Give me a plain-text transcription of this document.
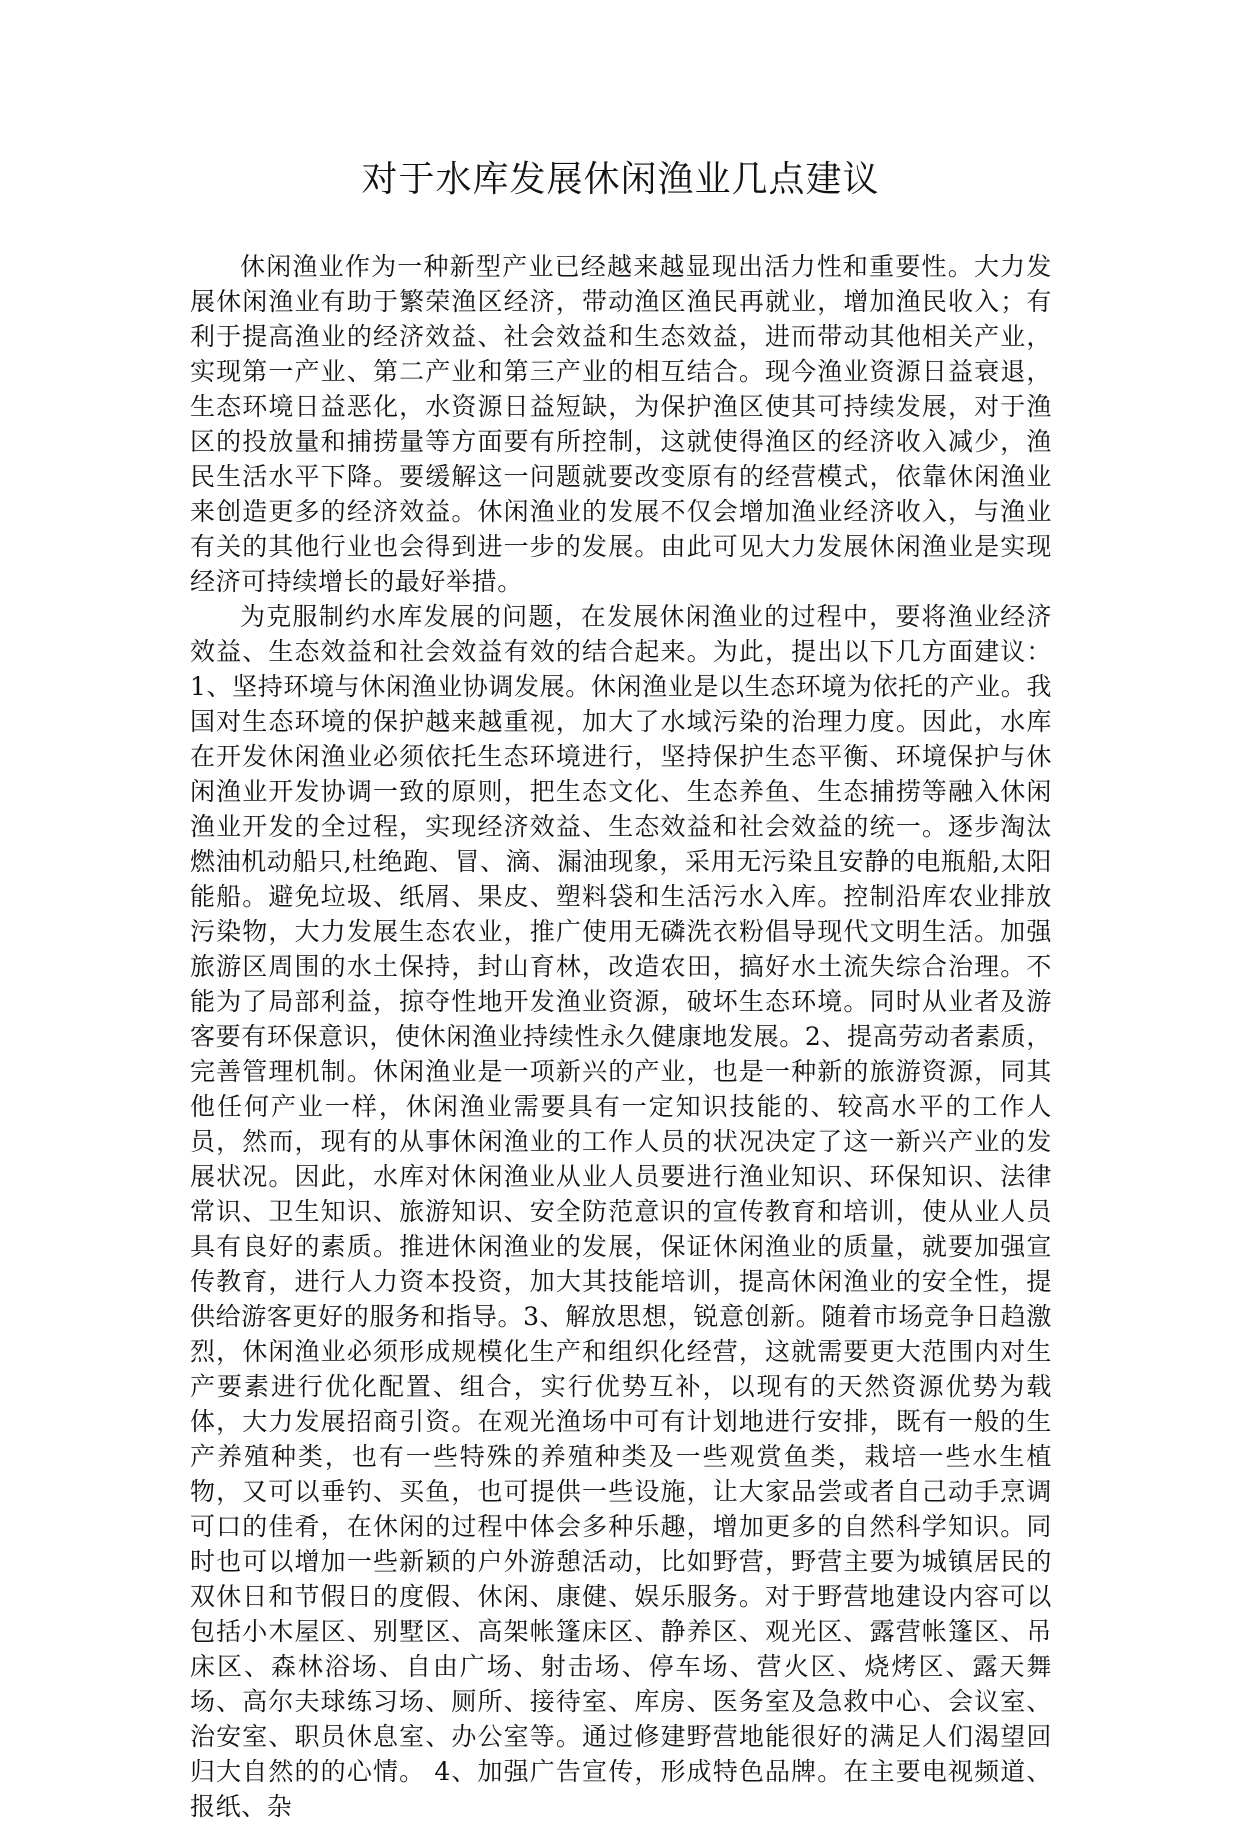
对于水库发展休闲渔业几点建议

休闲渔业作为一种新型产业已经越来越显现出活力性和重要性。大力发展休闲渔业有助于繁荣渔区经济，带动渔区渔民再就业，增加渔民收入；有利于提高渔业的经济效益、社会效益和生态效益，进而带动其他相关产业，实现第一产业、第二产业和第三产业的相互结合。现今渔业资源日益衰退，生态环境日益恶化，水资源日益短缺，为保护渔区使其可持续发展，对于渔区的投放量和捕捞量等方面要有所控制，这就使得渔区的经济收入减少，渔民生活水平下降。要缓解这一问题就要改变原有的经营模式，依靠休闲渔业来创造更多的经济效益。休闲渔业的发展不仅会增加渔业经济收入，与渔业有关的其他行业也会得到进一步的发展。由此可见大力发展休闲渔业是实现经济可持续增长的最好举措。

为克服制约水库发展的问题，在发展休闲渔业的过程中，要将渔业经济效益、生态效益和社会效益有效的结合起来。为此，提出以下几方面建议：1、坚持环境与休闲渔业协调发展。休闲渔业是以生态环境为依托的产业。我国对生态环境的保护越来越重视，加大了水域污染的治理力度。因此，水库在开发休闲渔业必须依托生态环境进行，坚持保护生态平衡、环境保护与休闲渔业开发协调一致的原则，把生态文化、生态养鱼、生态捕捞等融入休闲渔业开发的全过程，实现经济效益、生态效益和社会效益的统一。逐步淘汰燃油机动船只,杜绝跑、冒、滴、漏油现象，采用无污染且安静的电瓶船,太阳能船。避免垃圾、纸屑、果皮、塑料袋和生活污水入库。控制沿库农业排放污染物，大力发展生态农业，推广使用无磷洗衣粉倡导现代文明生活。加强旅游区周围的水土保持，封山育林，改造农田，搞好水土流失综合治理。不能为了局部利益，掠夺性地开发渔业资源，破坏生态环境。同时从业者及游客要有环保意识，使休闲渔业持续性永久健康地发展。2、提高劳动者素质，完善管理机制。休闲渔业是一项新兴的产业，也是一种新的旅游资源，同其他任何产业一样，休闲渔业需要具有一定知识技能的、较高水平的工作人员，然而，现有的从事休闲渔业的工作人员的状况决定了这一新兴产业的发展状况。因此，水库对休闲渔业从业人员要进行渔业知识、环保知识、法律常识、卫生知识、旅游知识、安全防范意识的宣传教育和培训，使从业人员具有良好的素质。推进休闲渔业的发展，保证休闲渔业的质量，就要加强宣传教育，进行人力资本投资，加大其技能培训，提高休闲渔业的安全性，提供给游客更好的服务和指导。3、解放思想，锐意创新。随着市场竞争日趋激烈，休闲渔业必须形成规模化生产和组织化经营，这就需要更大范围内对生产要素进行优化配置、组合，实行优势互补，以现有的天然资源优势为载体，大力发展招商引资。在观光渔场中可有计划地进行安排，既有一般的生产养殖种类，也有一些特殊的养殖种类及一些观赏鱼类，栽培一些水生植物，又可以垂钓、买鱼，也可提供一些设施，让大家品尝或者自己动手烹调可口的佳肴，在休闲的过程中体会多种乐趣，增加更多的自然科学知识。同时也可以增加一些新颖的户外游憩活动，比如野营，野营主要为城镇居民的双休日和节假日的度假、休闲、康健、娱乐服务。对于野营地建设内容可以包括小木屋区、别墅区、高架帐篷床区、静养区、观光区、露营帐篷区、吊床区、森林浴场、自由广场、射击场、停车场、营火区、烧烤区、露天舞场、高尔夫球练习场、厕所、接待室、库房、医务室及急救中心、会议室、治安室、职员休息室、办公室等。通过修建野营地能很好的满足人们渴望回归大自然的的心情。 4、加强广告宣传，形成特色品牌。在主要电视频道、报纸、杂
